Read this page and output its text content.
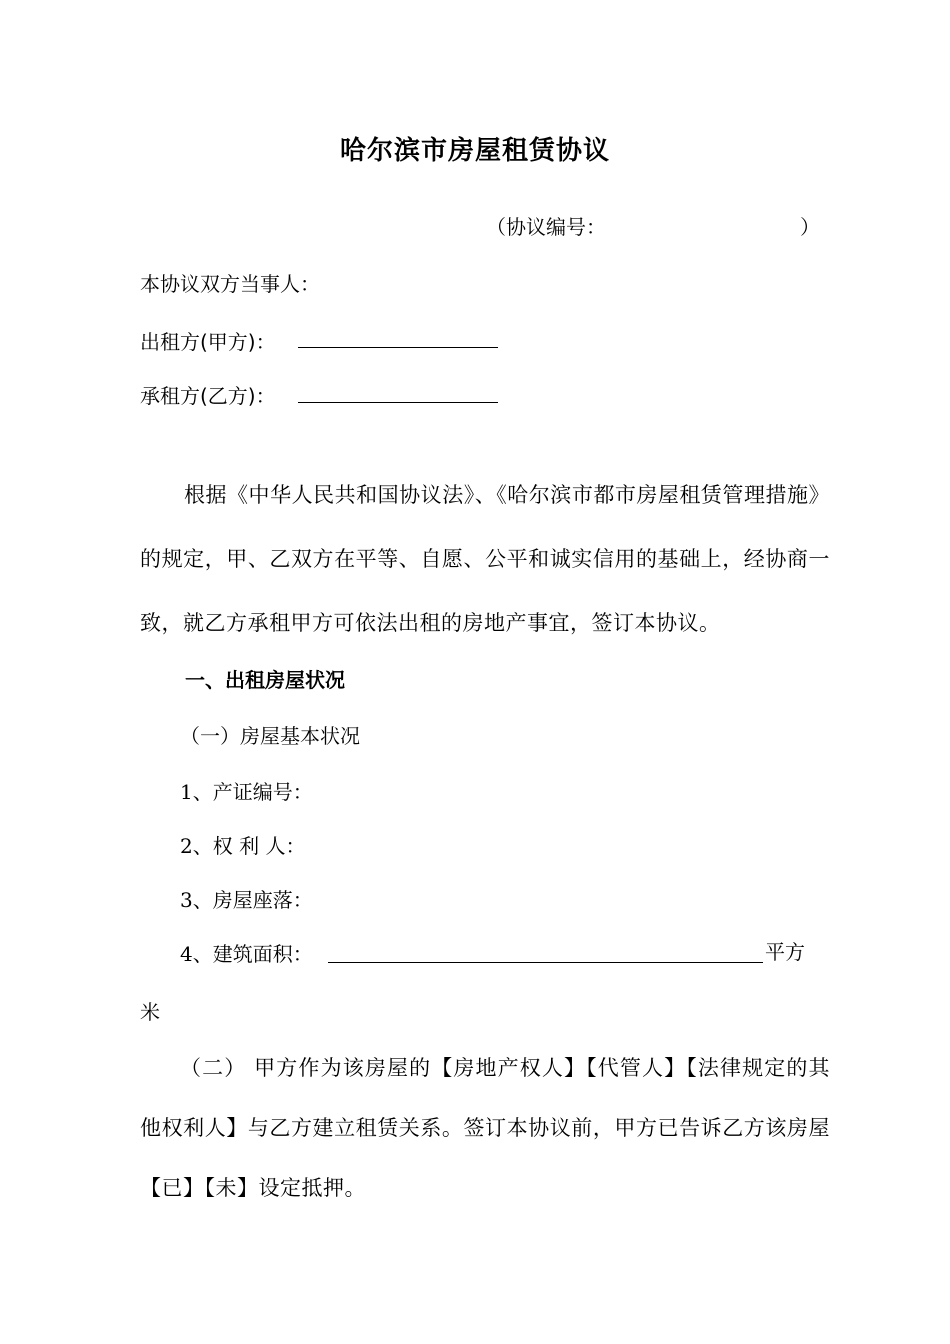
哈尔滨市房屋租赁协议
（协议编号：	）
本协议双方当事人：
出租方(甲方)：
承租方(乙方)：
根据《中华人民共和国协议法》、《哈尔滨市都市房屋租赁管理措施》的规定，甲、乙双方在平等、自愿、公平和诚实信用的基础上，经协商一致，就乙方承租甲方可依法出租的房地产事宜，签订本协议。
一、出租房屋状况
（一）房屋基本状况
1、产证编号：
2、权 利 人：
3、房屋座落：
4、建筑面积：	平方
米
（二） 甲方作为该房屋的【房地产权人】【代管人】【法律规定的其他权利人】与乙方建立租赁关系。签订本协议前，甲方已告诉乙方该房屋【已】【未】设定抵押。
